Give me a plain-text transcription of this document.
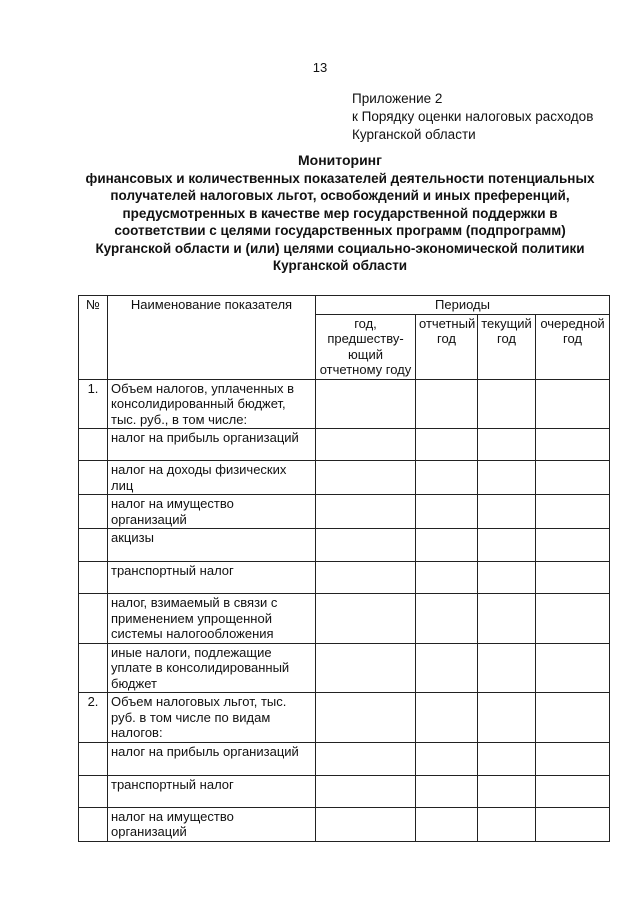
13
Приложение 2
к Порядку оценки налоговых расходов
Курганской области
Мониторинг
финансовых и количественных показателей деятельности потенциальных
получателей налоговых льгот, освобождений и иных преференций,
предусмотренных в качестве мер государственной поддержки в
соответствии с целями государственных программ (подпрограмм)
Курганской области и (или) целями социально-экономической политики
Курганской области
№	Наименование показателя	Периоды			
		год, предшеству-ющий отчетному году	отчетный год	текущий год	очередной год
1.	Объем налогов, уплаченных в консолидированный бюджет, тыс. руб., в том числе:				
	налог на прибыль организаций				
	налог на доходы физических лиц				
	налог на имущество организаций				
	акцизы				
	транспортный налог				
	налог, взимаемый в связи с применением упрощенной системы налогообложения				
	иные налоги, подлежащие уплате в консолидированный бюджет				
2.	Объем налоговых льгот, тыс. руб. в том числе по видам налогов:				
	налог на прибыль организаций				
	транспортный налог				
	налог на имущество организаций				
